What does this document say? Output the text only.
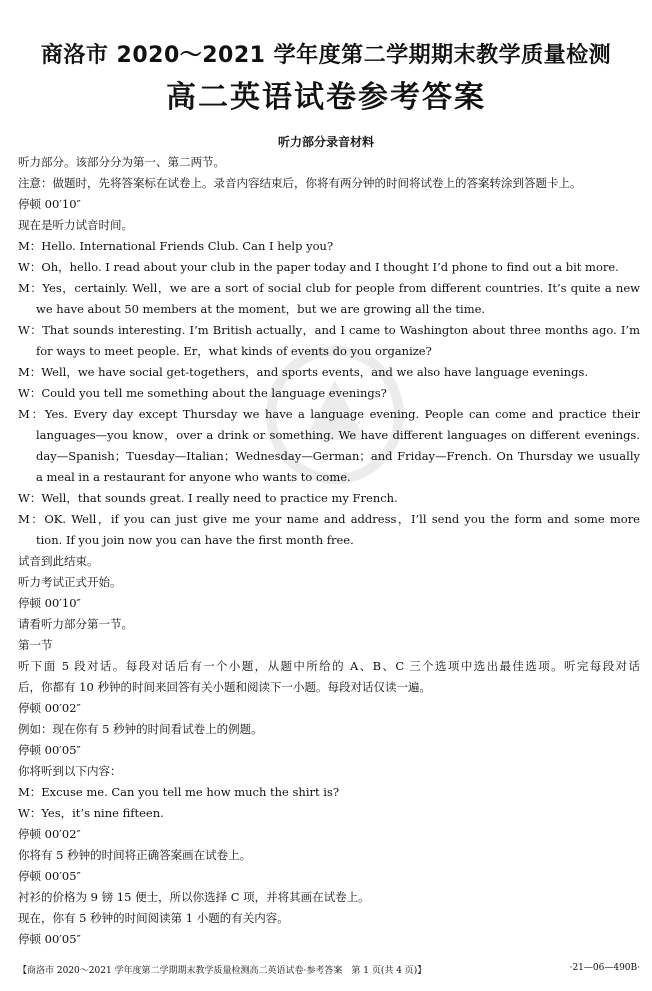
商洛市 2020～2021 学年度第二学期期末教学质量检测
高二英语试卷参考答案
听力部分录音材料
听力部分。该部分分为第一、第二两节。
注意：做题时，先将答案标在试卷上。录音内容结束后，你将有两分钟的时间将试卷上的答案转涂到答题卡上。
停顿 00′10″
现在是听力试音时间。
M：Hello. International Friends Club. Can I help you?
W：Oh，hello. I read about your club in the paper today and I thought I’d phone to find out a bit more.
M：Yes，certainly. Well，we are a sort of social club for people from different countries. It’s quite a new
we have about 50 members at the moment，but we are growing all the time.
W：That sounds interesting. I’m British actually，and I came to Washington about three months ago. I’m
for ways to meet people. Er，what kinds of events do you organize?
M：Well，we have social get-togethers，and sports events，and we also have language evenings.
W：Could you tell me something about the language evenings?
M：Yes. Every day except Thursday we have a language evening. People can come and practice their
languages—you know，over a drink or something. We have different languages on different evenings.
day—Spanish；Tuesday—Italian；Wednesday—German；and Friday—French. On Thursday we usually
a meal in a restaurant for anyone who wants to come.
W：Well，that sounds great. I really need to practice my French.
M：OK. Well，if you can just give me your name and address，I’ll send you the form and some more
tion. If you join now you can have the first month free.
试音到此结束。
听力考试正式开始。
停顿 00′10″
请看听力部分第一节。
第一节
听下面 5 段对话。每段对话后有一个小题，从题中所给的 A、B、C 三个选项中选出最佳选项。听完每段对话
后，你都有 10 秒钟的时间来回答有关小题和阅读下一小题。每段对话仅读一遍。
停顿 00′02″
例如：现在你有 5 秒钟的时间看试卷上的例题。
停顿 00′05″
你将听到以下内容：
M：Excuse me. Can you tell me how much the shirt is?
W：Yes，it’s nine fifteen.
停顿 00′02″
你将有 5 秒钟的时间将正确答案画在试卷上。
停顿 00′05″
衬衫的价格为 9 镑 15 便士，所以你选择 C 项，并将其画在试卷上。
现在，你有 5 秒钟的时间阅读第 1 小题的有关内容。
停顿 00′05″
【商洛市 2020～2021 学年度第二学期期末教学质量检测高二英语试卷·参考答案　第 1 页(共 4 页)】	·21—06—490B·
